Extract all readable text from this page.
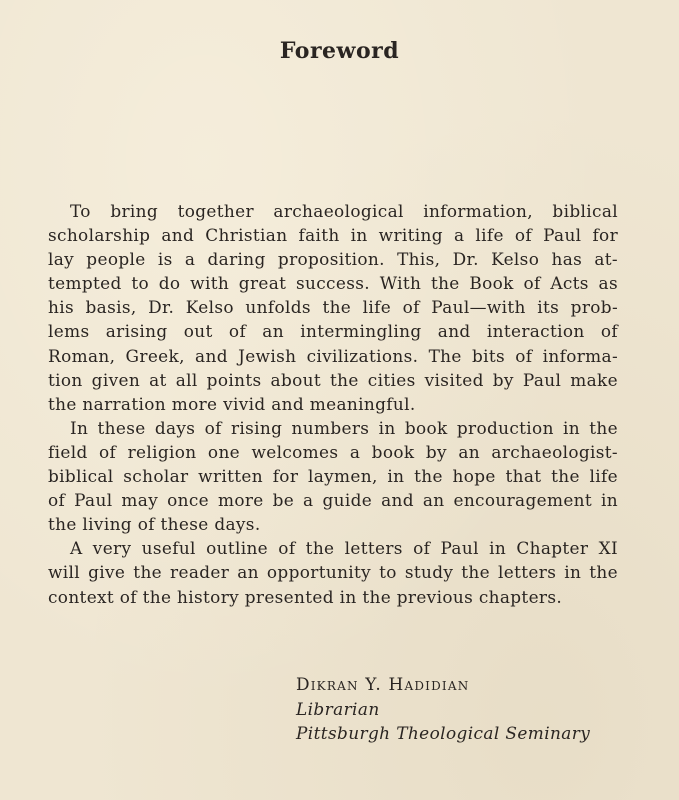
Foreword

To bring together archaeological information, biblical
scholarship and Christian faith in writing a life of Paul for
lay people is a daring proposition. This, Dr. Kelso has at-
tempted to do with great success. With the Book of Acts as
his basis, Dr. Kelso unfolds the life of Paul—with its prob-
lems arising out of an intermingling and interaction of
Roman, Greek, and Jewish civilizations. The bits of informa-
tion given at all points about the cities visited by Paul make
the narration more vivid and meaningful.

In these days of rising numbers in book production in the
field of religion one welcomes a book by an archaeologist-
biblical scholar written for laymen, in the hope that the life
of Paul may once more be a guide and an encouragement in
the living of these days.

A very useful outline of the letters of Paul in Chapter XI
will give the reader an opportunity to study the letters in the
context of the history presented in the previous chapters.

Dikran Y. Hadidian
Librarian
Pittsburgh Theological Seminary
